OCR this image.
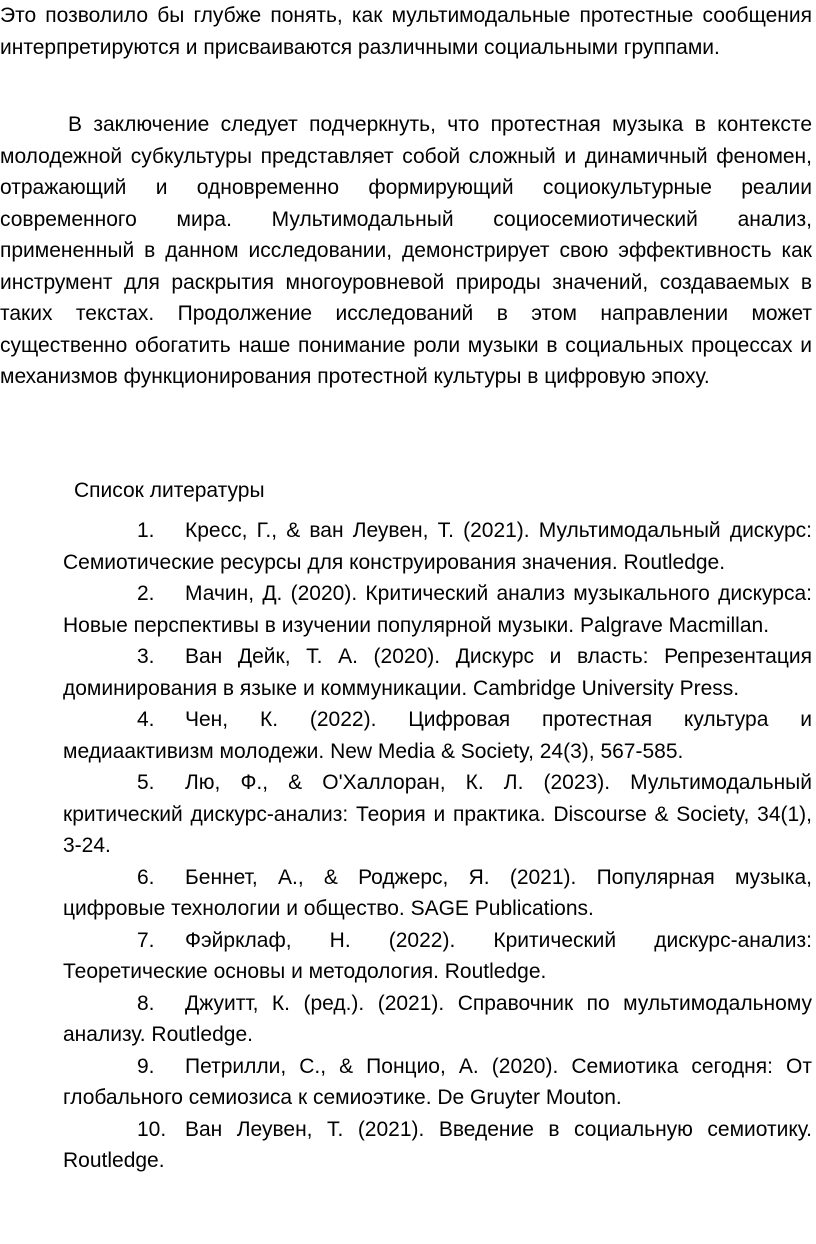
Это позволило бы глубже понять, как мультимодальные протестные сообщения интерпретируются и присваиваются различными социальными группами.

В заключение следует подчеркнуть, что протестная музыка в контексте молодежной субкультуры представляет собой сложный и динамичный феномен, отражающий и одновременно формирующий социокультурные реалии современного мира. Мультимодальный социосемиотический анализ, примененный в данном исследовании, демонстрирует свою эффективность как инструмент для раскрытия многоуровневой природы значений, создаваемых в таких текстах. Продолжение исследований в этом направлении может существенно обогатить наше понимание роли музыки в социальных процессах и механизмов функционирования протестной культуры в цифровую эпоху.

Список литературы
1. Кресс, Г., & ван Леувен, Т. (2021). Мультимодальный дискурс: Семиотические ресурсы для конструирования значения. Routledge.
2. Мачин, Д. (2020). Критический анализ музыкального дискурса: Новые перспективы в изучении популярной музыки. Palgrave Macmillan.
3. Ван Дейк, Т. А. (2020). Дискурс и власть: Репрезентация доминирования в языке и коммуникации. Cambridge University Press.
4. Чен, К. (2022). Цифровая протестная культура и медиаактивизм молодежи. New Media & Society, 24(3), 567-585.
5. Лю, Ф., & О'Халлоран, К. Л. (2023). Мультимодальный критический дискурс-анализ: Теория и практика. Discourse & Society, 34(1), 3-24.
6. Беннет, А., & Роджерс, Я. (2021). Популярная музыка, цифровые технологии и общество. SAGE Publications.
7. Фэйрклаф, Н. (2022). Критический дискурс-анализ: Теоретические основы и методология. Routledge.
8. Джуитт, К. (ред.). (2021). Справочник по мультимодальному анализу. Routledge.
9. Петрилли, С., & Понцио, А. (2020). Семиотика сегодня: От глобального семиозиса к семиоэтике. De Gruyter Mouton.
10. Ван Леувен, Т. (2021). Введение в социальную семиотику. Routledge.
